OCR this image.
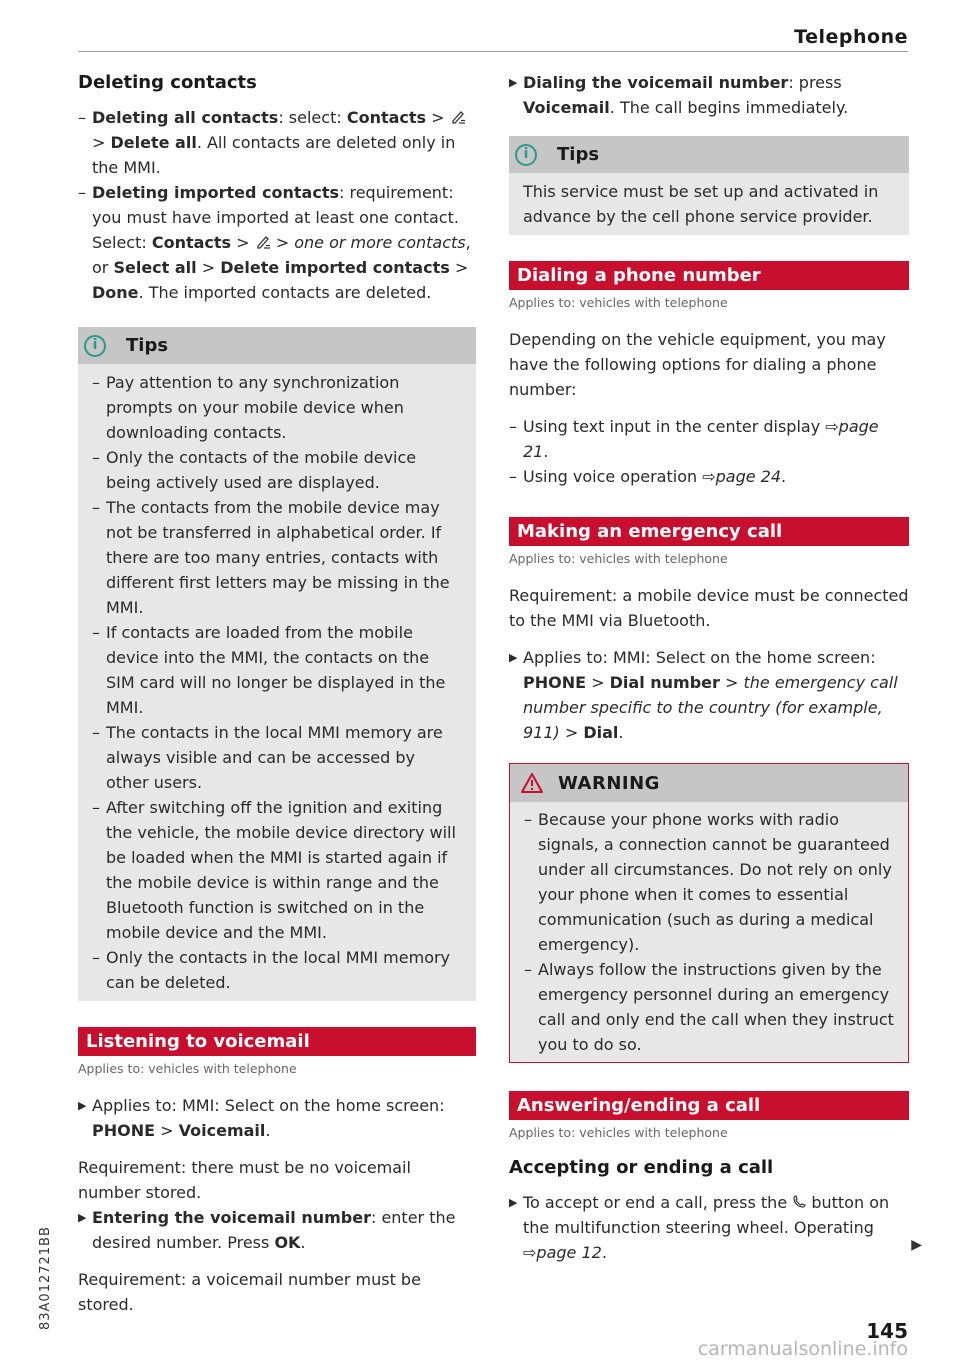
Telephone
Deleting contacts
– Deleting all contacts: select: Contacts >  > Delete all. All contacts are deleted only in the MMI.
– Deleting imported contacts: requirement: you must have imported at least one contact. Select: Contacts >  > one or more contacts, or Select all > Delete imported contacts > Done. The imported contacts are deleted.
i	Tips
– Pay attention to any synchronization prompts on your mobile device when downloading contacts.
– Only the contacts of the mobile device being actively used are displayed.
– The contacts from the mobile device may not be transferred in alphabetical order. If there are too many entries, contacts with different first letters may be missing in the MMI.
– If contacts are loaded from the mobile device into the MMI, the contacts on the SIM card will no longer be displayed in the MMI.
– The contacts in the local MMI memory are always visible and can be accessed by other users.
– After switching off the ignition and exiting the vehicle, the mobile device directory will be loaded when the MMI is started again if the mobile device is within range and the Bluetooth function is switched on in the mobile device and the MMI.
– Only the contacts in the local MMI memory can be deleted.
Listening to voicemail
Applies to: vehicles with telephone
▶ Applies to: MMI: Select on the home screen: PHONE > Voicemail.

Requirement: there must be no voicemail number stored.

▶ Entering the voicemail number: enter the desired number. Press OK.

Requirement: a voicemail number must be stored.

▶ Dialing the voicemail number: press Voicemail. The call begins immediately.
i	Tips

This service must be set up and activated in advance by the cell phone service provider.

Dialing a phone number
Applies to: vehicles with telephone

Depending on the vehicle equipment, you may have the following options for dialing a phone number:

– Using text input in the center display ⇨page 21.
– Using voice operation ⇨page 24.
Making an emergency call
Applies to: vehicles with telephone

Requirement: a mobile device must be connected to the MMI via Bluetooth.

▶ Applies to: MMI: Select on the home screen: PHONE > Dial number > the emergency call number specific to the country (for example, 911) > Dial.
WARNING
– Because your phone works with radio signals, a connection cannot be guaranteed under all circumstances. Do not rely on only your phone when it comes to essential communication (such as during a medical emergency).
– Always follow the instructions given by the emergency personnel during an emergency call and only end the call when they instruct you to do so.
Answering/ending a call
Applies to: vehicles with telephone
Accepting or ending a call
▶ To accept or end a call, press the  button on the multifunction steering wheel. Operating ⇨page 12.	▶
83A012721BB
145
carmanualsonline.info
